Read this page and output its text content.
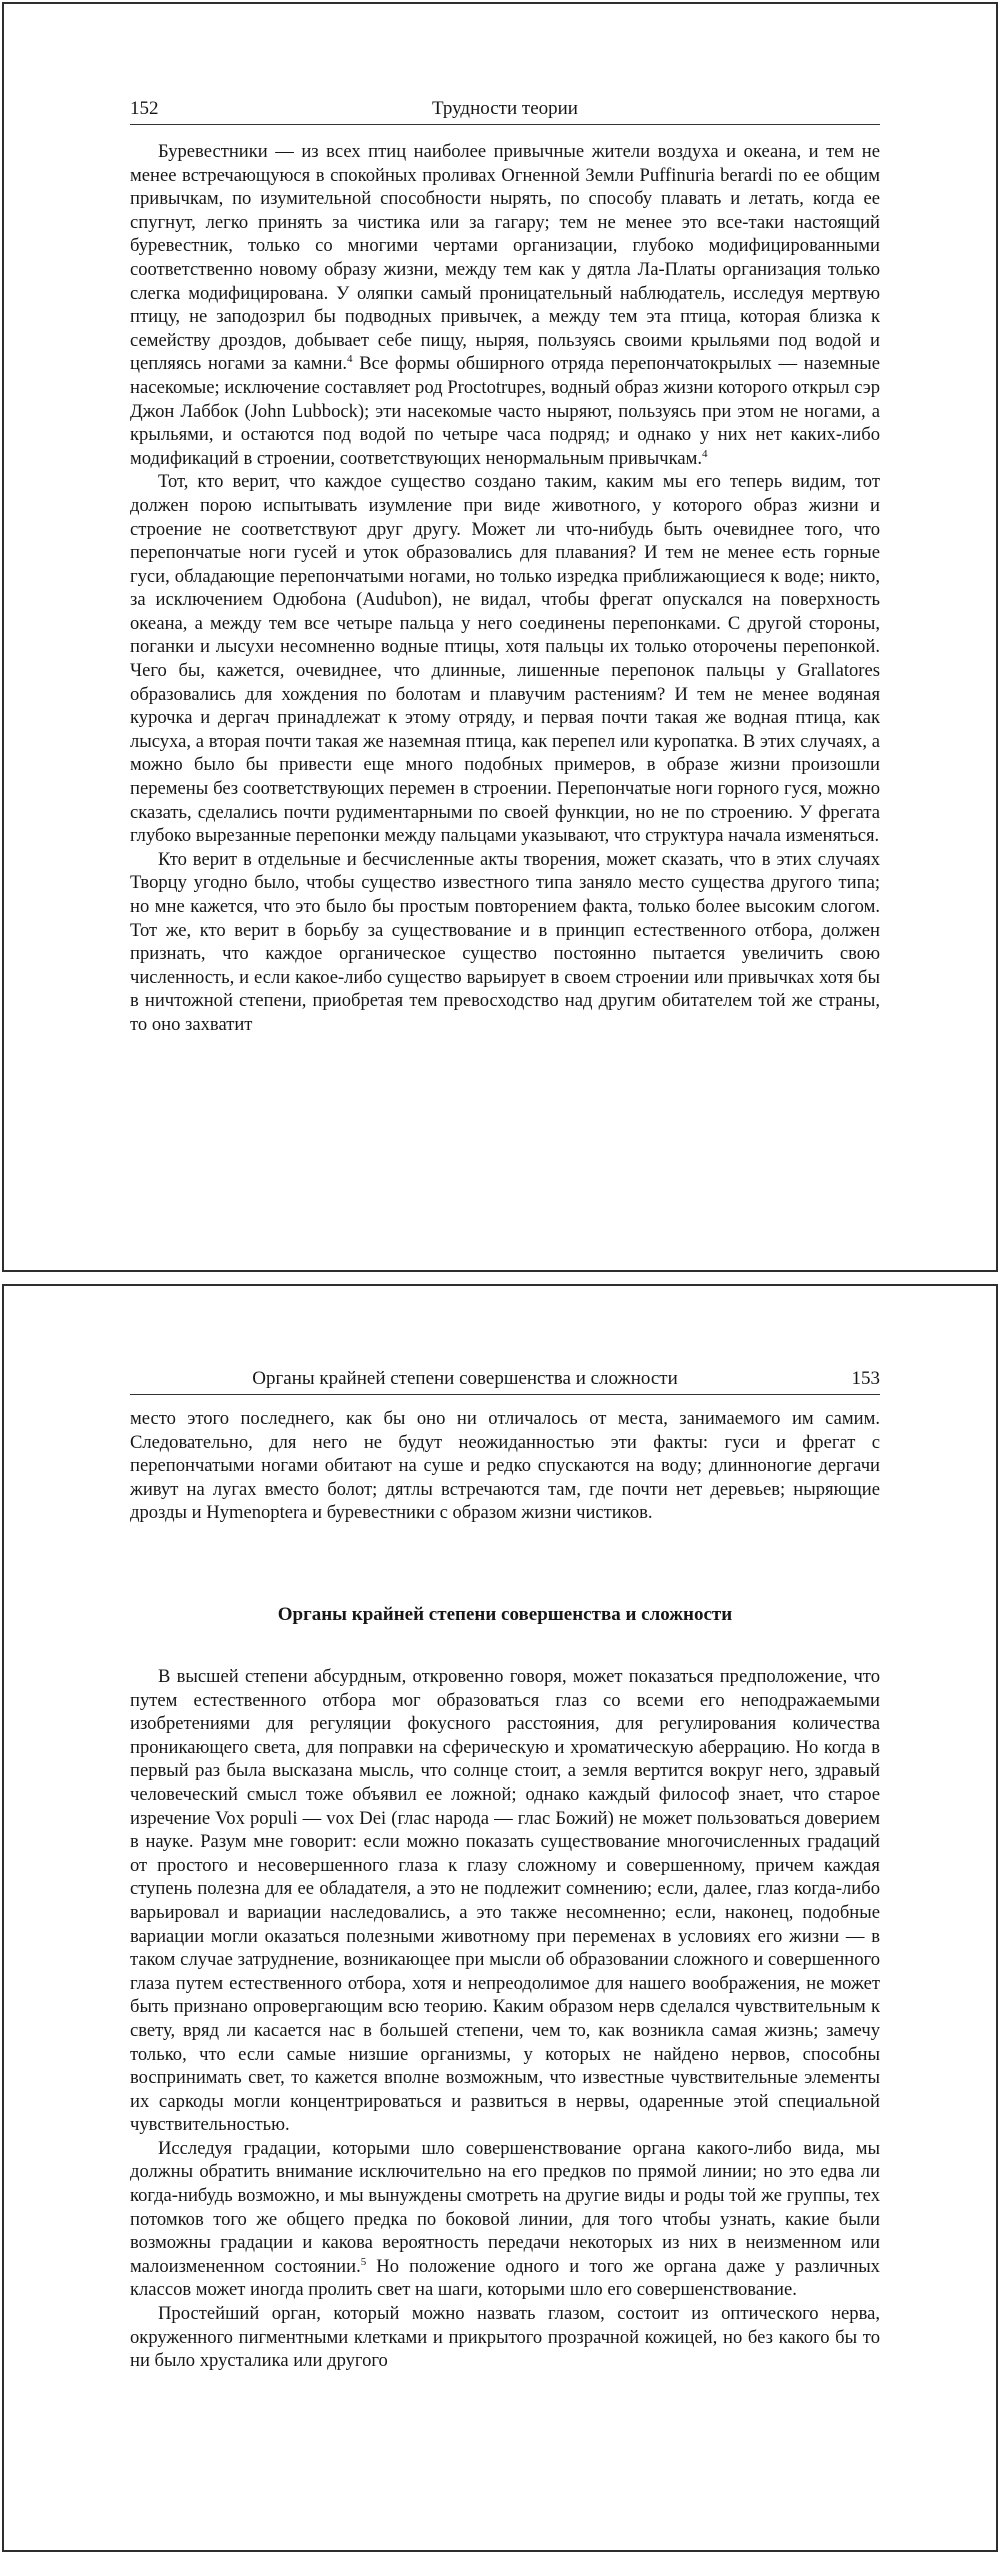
152	Трудности теории

Буревестники — из всех птиц наиболее привычные жители воздуха и океана, и тем не менее встречающуюся в спокойных проливах Огненной Земли Puffinuria berardi по ее общим привычкам, по изумительной способности нырять, по способу плавать и летать, когда ее спугнут, легко принять за чистика или за гагару; тем не менее это все-таки настоящий буревестник, только со многими чертами организации, глубоко модифицированными соответственно новому образу жизни, между тем как у дятла Ла-Платы организация только слегка модифицирована. У оляпки самый проницательный наблюдатель, исследуя мертвую птицу, не заподозрил бы подводных привычек, а между тем эта птица, которая близка к семейству дроздов, добывает себе пищу, ныряя, пользуясь своими крыльями под водой и цепляясь ногами за камни.$^4$ Все формы обширного отряда перепончатокрылых — наземные насекомые; исключение составляет род Proctotrupes, водный образ жизни которого открыл сэр Джон Лаббок (John Lubbock); эти насекомые часто ныряют, пользуясь при этом не ногами, а крыльями, и остаются под водой по четыре часа подряд; и однако у них нет каких-либо модификаций в строении, соответствующих ненормальным привычкам.$^4$

Тот, кто верит, что каждое существо создано таким, каким мы его теперь видим, тот должен порою испытывать изумление при виде животного, у которого образ жизни и строение не соответствуют друг другу. Может ли что-нибудь быть очевиднее того, что перепончатые ноги гусей и уток образовались для плавания? И тем не менее есть горные гуси, обладающие перепончатыми ногами, но только изредка приближающиеся к воде; никто, за исключением Одюбона (Audubon), не видал, чтобы фрегат опускался на поверхность океана, а между тем все четыре пальца у него соединены перепонками. С другой стороны, поганки и лысухи несомненно водные птицы, хотя пальцы их только оторочены перепонкой. Чего бы, кажется, очевиднее, что длинные, лишенные перепонок пальцы у Grallatores образовались для хождения по болотам и плавучим растениям? И тем не менее водяная курочка и дергач принадлежат к этому отряду, и первая почти такая же водная птица, как лысуха, а вторая почти такая же наземная птица, как перепел или куропатка. В этих случаях, а можно было бы привести еще много подобных примеров, в образе жизни произошли перемены без соответствующих перемен в строении. Перепончатые ноги горного гуся, можно сказать, сделались почти рудиментарными по своей функции, но не по строению. У фрегата глубоко вырезанные перепонки между пальцами указывают, что структура начала изменяться.

Кто верит в отдельные и бесчисленные акты творения, может сказать, что в этих случаях Творцу угодно было, чтобы существо известного типа заняло место существа другого типа; но мне кажется, что это было бы простым повторением факта, только более высоким слогом. Тот же, кто верит в борьбу за существование и в принцип естественного отбора, должен признать, что каждое органическое существо постоянно пытается увеличить свою численность, и если какое-либо существо варьирует в своем строении или привычках хотя бы в ничтожной степени, приобретая тем превосходство над другим обитателем той же страны, то оно захватит

Органы крайней степени совершенства и сложности	153

место этого последнего, как бы оно ни отличалось от места, занимаемого им самим. Следовательно, для него не будут неожиданностью эти факты: гуси и фрегат с перепончатыми ногами обитают на суше и редко спускаются на воду; длинноногие дергачи живут на лугах вместо болот; дятлы встречаются там, где почти нет деревьев; ныряющие дрозды и Hymenoptera и буревестники с образом жизни чистиков.

Органы крайней степени совершенства и сложности

В высшей степени абсурдным, откровенно говоря, может показаться предположение, что путем естественного отбора мог образоваться глаз со всеми его неподражаемыми изобретениями для регуляции фокусного расстояния, для регулирования количества проникающего света, для поправки на сферическую и хроматическую аберрацию. Но когда в первый раз была высказана мысль, что солнце стоит, а земля вертится вокруг него, здравый человеческий смысл тоже объявил ее ложной; однако каждый философ знает, что старое изречение Vox populi — vox Dei (глас народа — глас Божий) не может пользоваться доверием в науке. Разум мне говорит: если можно показать существование многочисленных градаций от простого и несовершенного глаза к глазу сложному и совершенному, причем каждая ступень полезна для ее обладателя, а это не подлежит сомнению; если, далее, глаз когда-либо варьировал и вариации наследовались, а это также несомненно; если, наконец, подобные вариации могли оказаться полезными животному при переменах в условиях его жизни — в таком случае затруднение, возникающее при мысли об образовании сложного и совершенного глаза путем естественного отбора, хотя и непреодолимое для нашего воображения, не может быть признано опровергающим всю теорию. Каким образом нерв сделался чувствительным к свету, вряд ли касается нас в большей степени, чем то, как возникла самая жизнь; замечу только, что если самые низшие организмы, у которых не найдено нервов, способны воспринимать свет, то кажется вполне возможным, что известные чувствительные элементы их саркоды могли концентрироваться и развиться в нервы, одаренные этой специальной чувствительностью.

Исследуя градации, которыми шло совершенствование органа какого-либо вида, мы должны обратить внимание исключительно на его предков по прямой линии; но это едва ли когда-нибудь возможно, и мы вынуждены смотреть на другие виды и роды той же группы, тех потомков того же общего предка по боковой линии, для того чтобы узнать, какие были возможны градации и какова вероятность передачи некоторых из них в неизменном или малоизмененном состоянии.$^5$ Но положение одного и того же органа даже у различных классов может иногда пролить свет на шаги, которыми шло его совершенствование.

Простейший орган, который можно назвать глазом, состоит из оптического нерва, окруженного пигментными клетками и прикрытого прозрачной кожицей, но без какого бы то ни было хрусталика или другого
